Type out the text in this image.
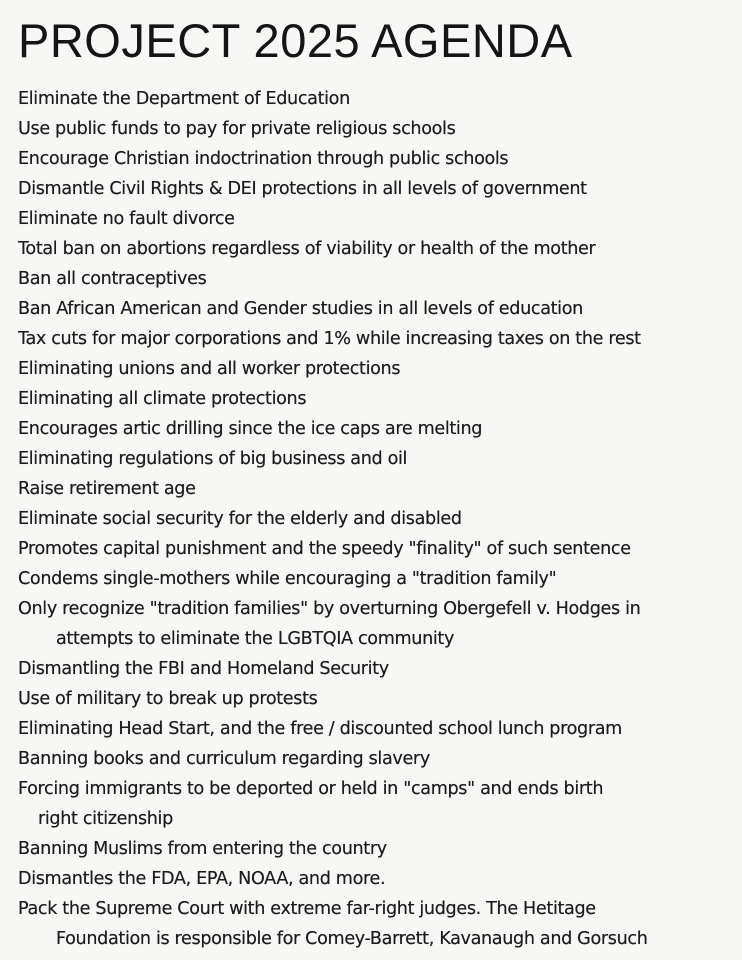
PROJECT 2025 AGENDA
Eliminate the Department of Education
Use public funds to pay for private religious schools
Encourage Christian indoctrination through public schools
Dismantle Civil Rights & DEI protections in all levels of government
Eliminate no fault divorce
Total ban on abortions regardless of viability or health of the mother
Ban all contraceptives
Ban African American and Gender studies in all levels of education
Tax cuts for major corporations and 1% while increasing taxes on the rest
Eliminating unions and all worker protections
Eliminating all climate protections
Encourages artic drilling since the ice caps are melting
Eliminating regulations of big business and oil
Raise retirement age
Eliminate social security for the elderly and disabled
Promotes capital punishment and the speedy "finality" of such sentence
Condems single-mothers while encouraging a "tradition family"
Only recognize "tradition families" by overturning Obergefell v. Hodges in
attempts to eliminate the LGBTQIA community
Dismantling the FBI and Homeland Security
Use of military to break up protests
Eliminating Head Start, and the free / discounted school lunch program
Banning books and curriculum regarding slavery
Forcing immigrants to be deported or held in "camps" and ends birth
right citizenship
Banning Muslims from entering the country
Dismantles the FDA, EPA, NOAA, and more.
Pack the Supreme Court with extreme far-right judges. The Hetitage
Foundation is responsible for Comey-Barrett, Kavanaugh and Gorsuch
